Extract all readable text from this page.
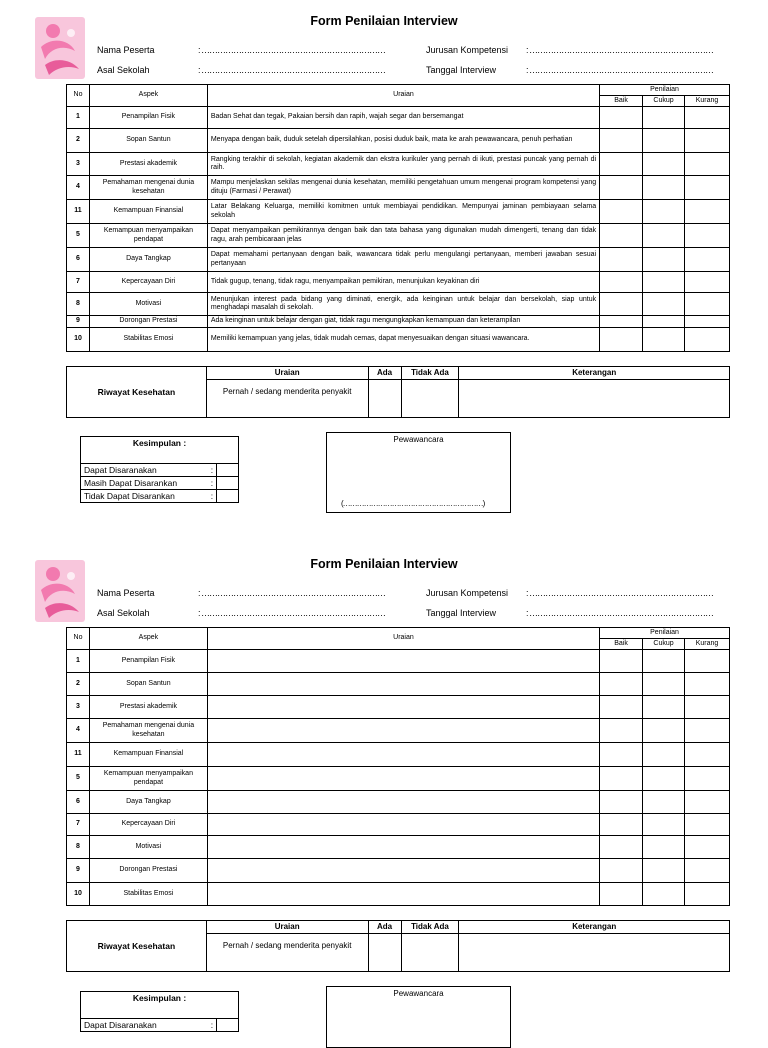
Form Penilaian Interview
Nama Peserta	: ……………………………………………………………
Asal Sekolah	: ……………………………………………………………
Jurusan Kompetensi : ……………………………………………………………
Tanggal Interview	: ……………………………………………………………
No	Aspek	Uraian	Penilaian		
			Baik	Cukup	Kurang
1	Penampilan Fisik	Badan Sehat dan tegak, Pakaian bersih dan rapih, wajah segar dan bersemangat			
2	Sopan Santun	Menyapa dengan baik, duduk setelah dipersilahkan, posisi duduk baik, mata ke arah pewawancara, penuh perhatian			
3	Prestasi akademik	Rangking terakhir di sekolah, kegiatan akademik dan ekstra kurikuler yang pernah di ikuti, prestasi puncak yang pernah di raih.			
4	Pemahaman mengenai dunia kesehatan	Mampu menjelaskan sekilas mengenai dunia kesehatan, memiliki pengetahuan umum mengenai program kompetensi yang dituju (Farmasi / Perawat)			
11	Kemampuan Finansial	Latar Belakang Keluarga, memiliki komitmen untuk membiayai pendidikan. Mempunyai jaminan pembiayaan selama sekolah			
5	Kemampuan menyampaikan pendapat	Dapat menyampaikan pemikirannya dengan baik dan tata bahasa yang digunakan mudah dimengerti, tenang dan tidak ragu, arah pembicaraan jelas			
6	Daya Tangkap	Dapat memahami pertanyaan dengan baik, wawancara tidak perlu mengulangi pertanyaan, memberi jawaban sesuai pertanyaan			
7	Kepercayaan Diri	Tidak gugup, tenang, tidak ragu, menyampaikan pemikiran, menunjukan keyakinan diri			
8	Motivasi	Menunjukan interest pada bidang yang diminati, energik, ada keinginan untuk belajar dan bersekolah, siap untuk menghadapi masalah di sekolah.			
9	Dorongan Prestasi	Ada keinginan untuk belajar dengan giat, tidak ragu mengungkapkan kemampuan dan keterampilan			
10	Stabilitas Emosi	Memiliki kemampuan yang jelas, tidak mudah cemas, dapat menyesuaikan dengan situasi wawancara.			
Riwayat Kesehatan	Uraian	Ada	Tidak Ada	Keterangan
	Pernah / sedang menderita penyakit			
Kesimpulan :	
Dapat Disaranakan :	

Masih Dapat Disarankan :	

Tidak Dapat Disarankan :	

Pewawancara
(……………………………………………………)
Form Penilaian Interview
Nama Peserta	: ……………………………………………………………
Asal Sekolah	: ……………………………………………………………
Jurusan Kompetensi : ……………………………………………………………
Tanggal Interview	: ……………………………………………………………
No	Aspek	Uraian	Penilaian		
			Baik	Cukup	Kurang
1	Penampilan Fisik				
2	Sopan Santun				
3	Prestasi akademik				
4	Pemahaman mengenai dunia kesehatan				
11	Kemampuan Finansial				
5	Kemampuan menyampaikan pendapat				
6	Daya Tangkap				
7	Kepercayaan Diri				
8	Motivasi				
9	Dorongan Prestasi				
10	Stabilitas Emosi				
Riwayat Kesehatan	Uraian	Ada	Tidak Ada	Keterangan
	Pernah / sedang menderita penyakit			
Kesimpulan :
Dapat Disaranakan	:

Pewawancara
